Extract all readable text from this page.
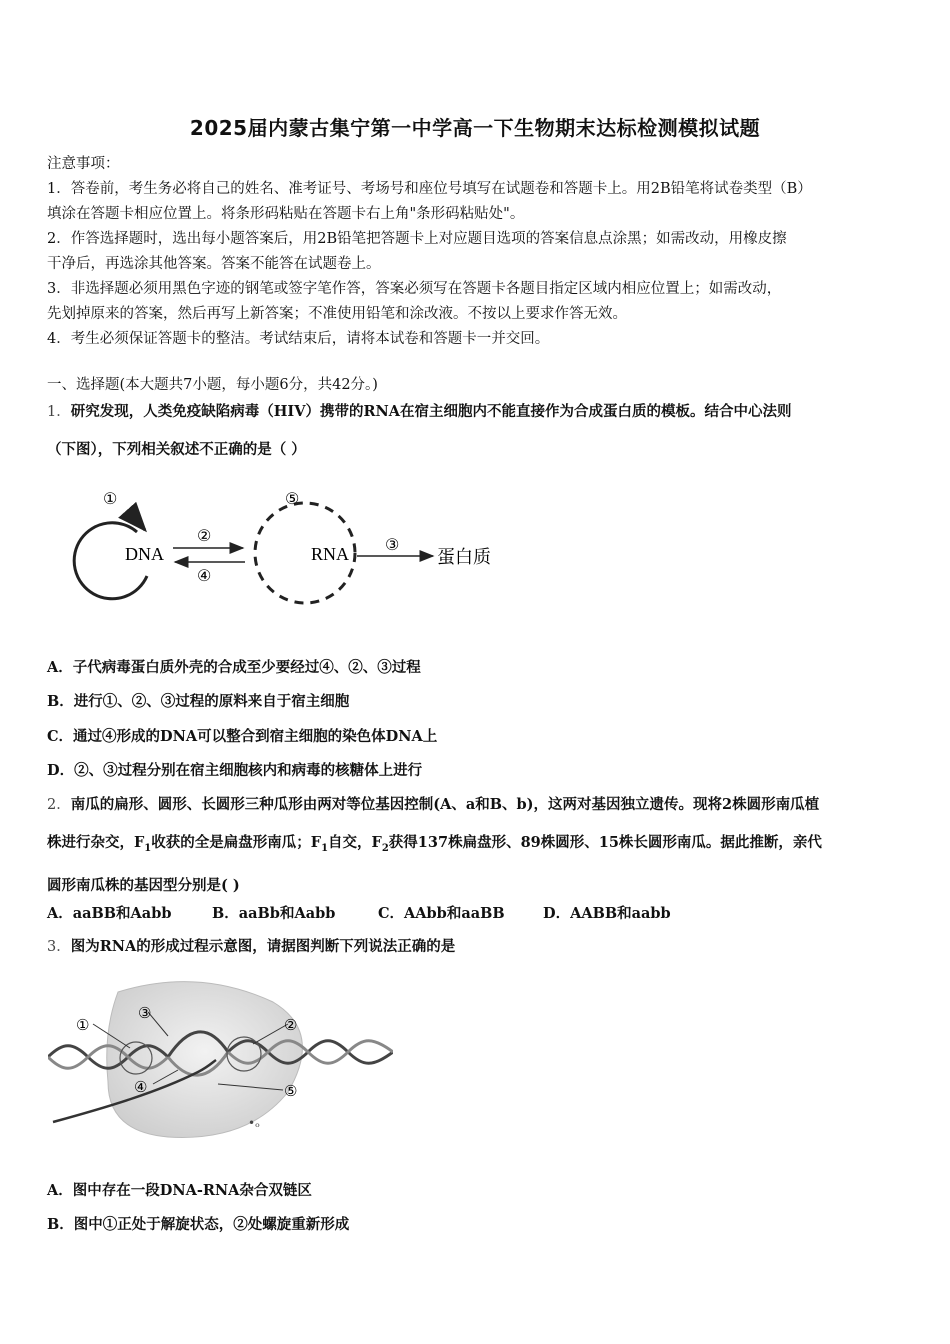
2025届内蒙古集宁第一中学高一下生物期末达标检测模拟试题

注意事项：

1．答卷前，考生务必将自己的姓名、准考证号、考场号和座位号填写在试题卷和答题卡上。用2B铅笔将试卷类型（B）

填涂在答题卡相应位置上。将条形码粘贴在答题卡右上角"条形码粘贴处"。

2．作答选择题时，选出每小题答案后，用2B铅笔把答题卡上对应题目选项的答案信息点涂黑；如需改动，用橡皮擦

干净后，再选涂其他答案。答案不能答在试题卷上。

3．非选择题必须用黑色字迹的钢笔或签字笔作答，答案必须写在答题卡各题目指定区域内相应位置上；如需改动，

先划掉原来的答案，然后再写上新答案；不准使用铅笔和涂改液。不按以上要求作答无效。

4．考生必须保证答题卡的整洁。考试结束后，请将本试卷和答题卡一并交回。

一、选择题(本大题共7小题，每小题6分，共42分。)
1．研究发现，人类免疫缺陷病毒（HIV）携带的RNA在宿主细胞内不能直接作为合成蛋白质的模板。结合中心法则
（下图），下列相关叙述不正确的是（ ）
①
DNA
②
④
⑤
RNA ③
蛋白质
A．子代病毒蛋白质外壳的合成至少要经过④、②、③过程
B．进行①、②、③过程的原料来自于宿主细胞
C．通过④形成的DNA可以整合到宿主细胞的染色体DNA上
D．②、③过程分别在宿主细胞核内和病毒的核糖体上进行
2．南瓜的扁形、圆形、长圆形三种瓜形由两对等位基因控制(A、a和B、b)，这两对基因独立遗传。现将2株圆形南瓜植
株进行杂交，$F_1$收获的全是扁盘形南瓜；$F_1$自交，$F_2$获得137株扁盘形、89株圆形、15株长圆形南瓜。据此推断，亲代
圆形南瓜株的基因型分别是( )
A．aaBB和Aabb	B．aaBb和Aabb	C．AAbb和aaBB	D．AABB和aabb
3．图为RNA的形成过程示意图，请据图判断下列说法正确的是
•ₒ
①
③
②
④	⑤
A．图中存在一段DNA-RNA杂合双链区
B．图中①正处于解旋状态，②处螺旋重新形成
